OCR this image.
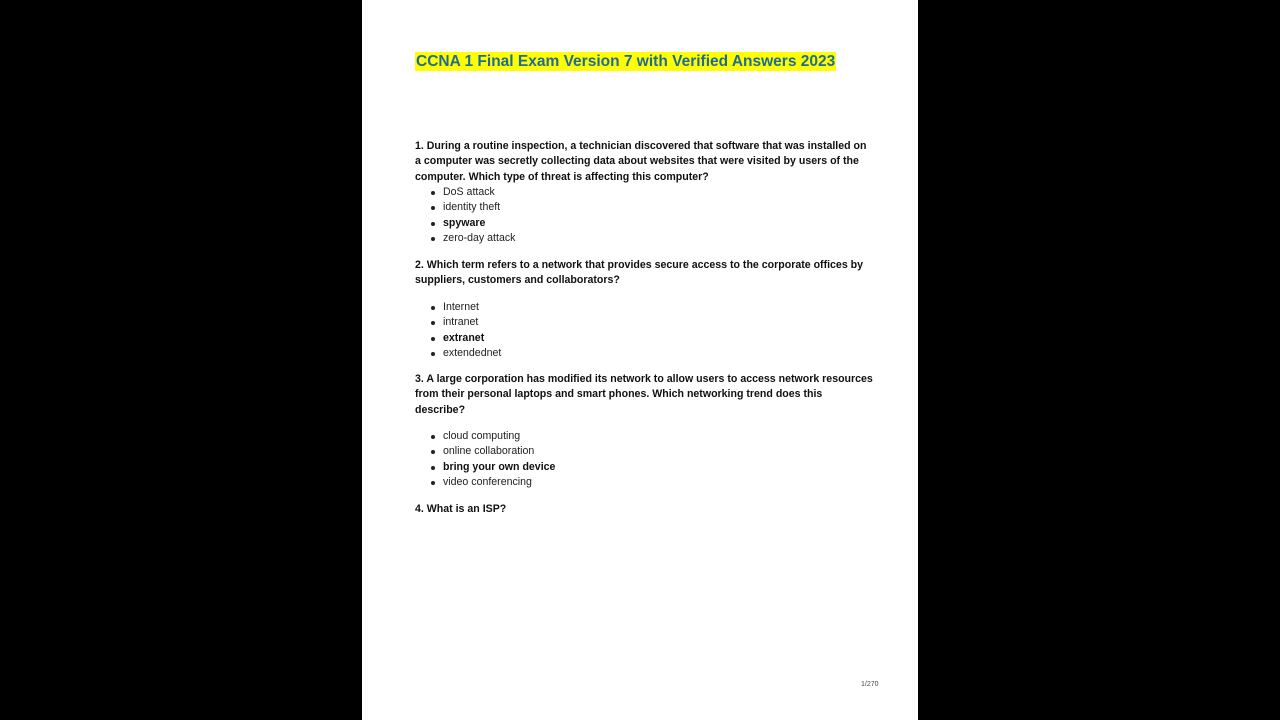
CCNA 1 Final Exam Version 7 with Verified Answers 2023
1. During a routine inspection, a technician discovered that software that was installed on a computer was secretly collecting data about websites that were visited by users of the computer. Which type of threat is affecting this computer?
DoS attack
identity theft
spyware
zero-day attack
2. Which term refers to a network that provides secure access to the corporate offices by suppliers, customers and collaborators?
Internet
intranet
extranet
extendednet
3. A large corporation has modified its network to allow users to access network resources from their personal laptops and smart phones. Which networking trend does this describe?
cloud computing
online collaboration
bring your own device
video conferencing
4. What is an ISP?
1/270
